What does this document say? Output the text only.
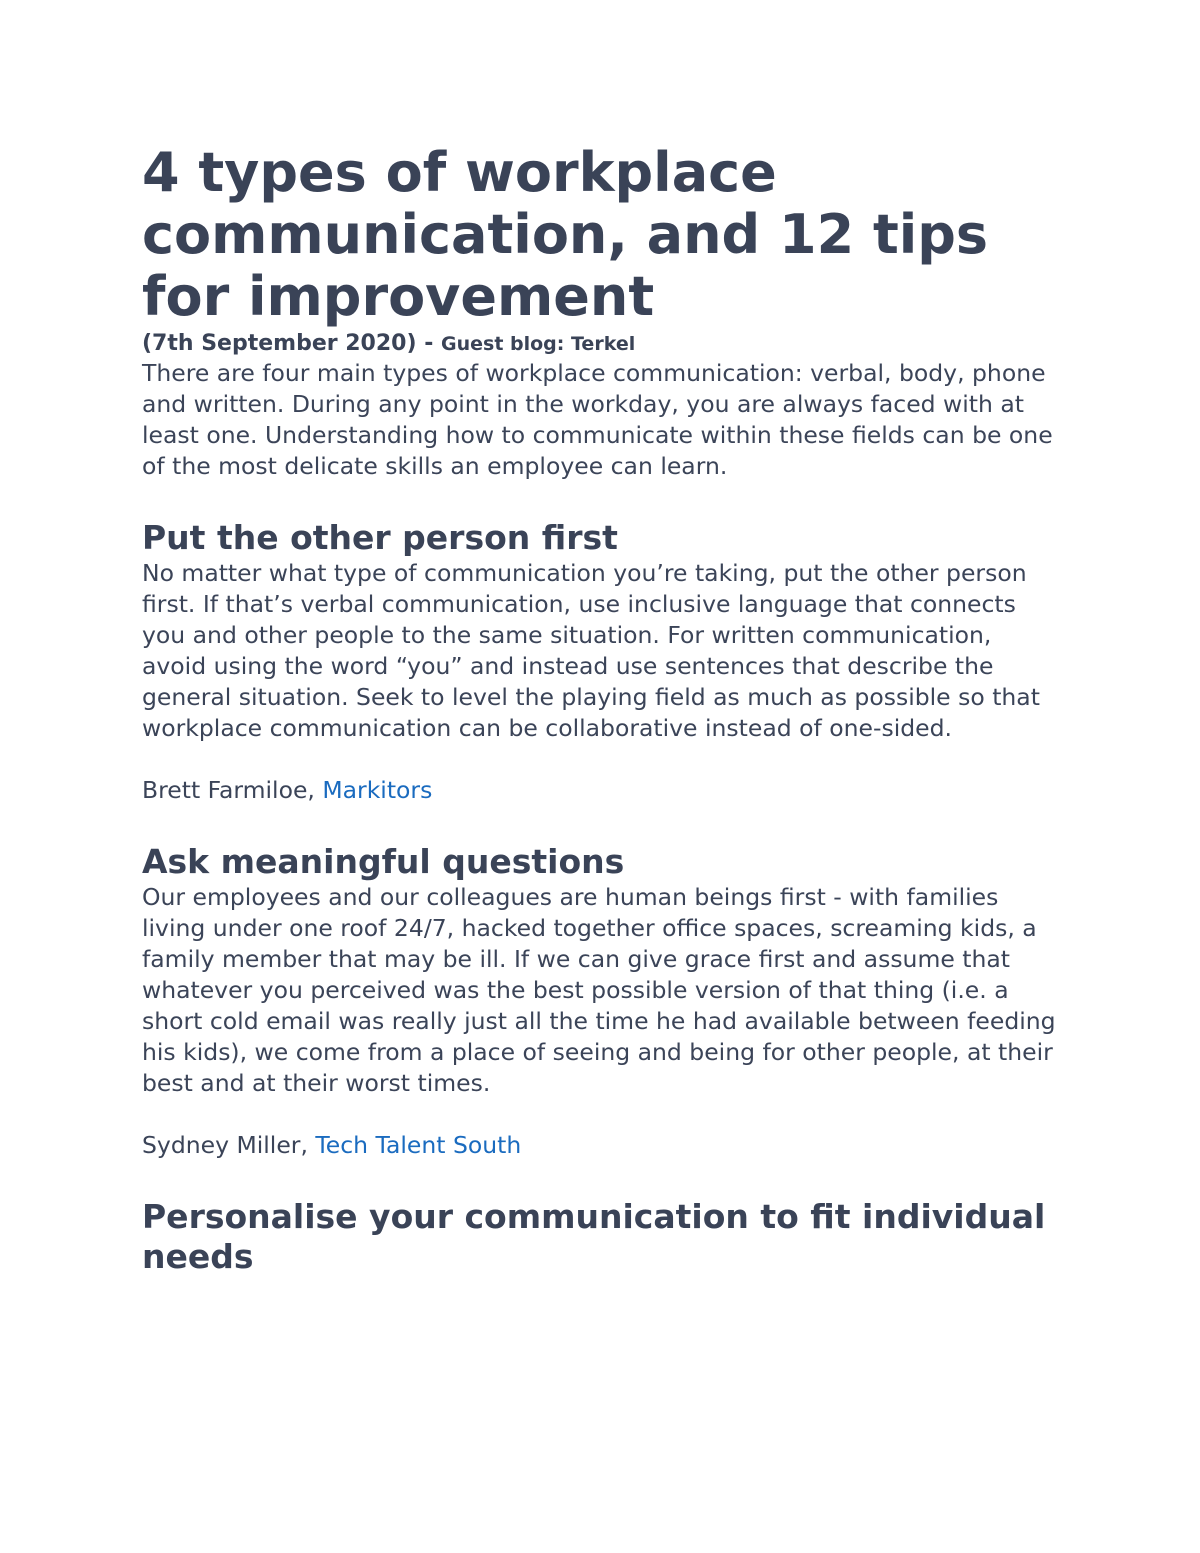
4 types of workplace communication, and 12 tips for improvement
(7th September 2020) - Guest blog: Terkel

There are four main types of workplace communication: verbal, body, phone and written. During any point in the workday, you are always faced with at least one. Understanding how to communicate within these fields can be one of the most delicate skills an employee can learn.

Put the other person first

No matter what type of communication you’re taking, put the other person first. If that’s verbal communication, use inclusive language that connects you and other people to the same situation. For written communication, avoid using the word “you” and instead use sentences that describe the general situation. Seek to level the playing field as much as possible so that workplace communication can be collaborative instead of one-sided.

Brett Farmiloe, Markitors

Ask meaningful questions

Our employees and our colleagues are human beings first - with families living under one roof 24/7, hacked together office spaces, screaming kids, a family member that may be ill. If we can give grace first and assume that whatever you perceived was the best possible version of that thing (i.e. a short cold email was really just all the time he had available between feeding his kids), we come from a place of seeing and being for other people, at their best and at their worst times.

Sydney Miller, Tech Talent South

Personalise your communication to fit individual needs
